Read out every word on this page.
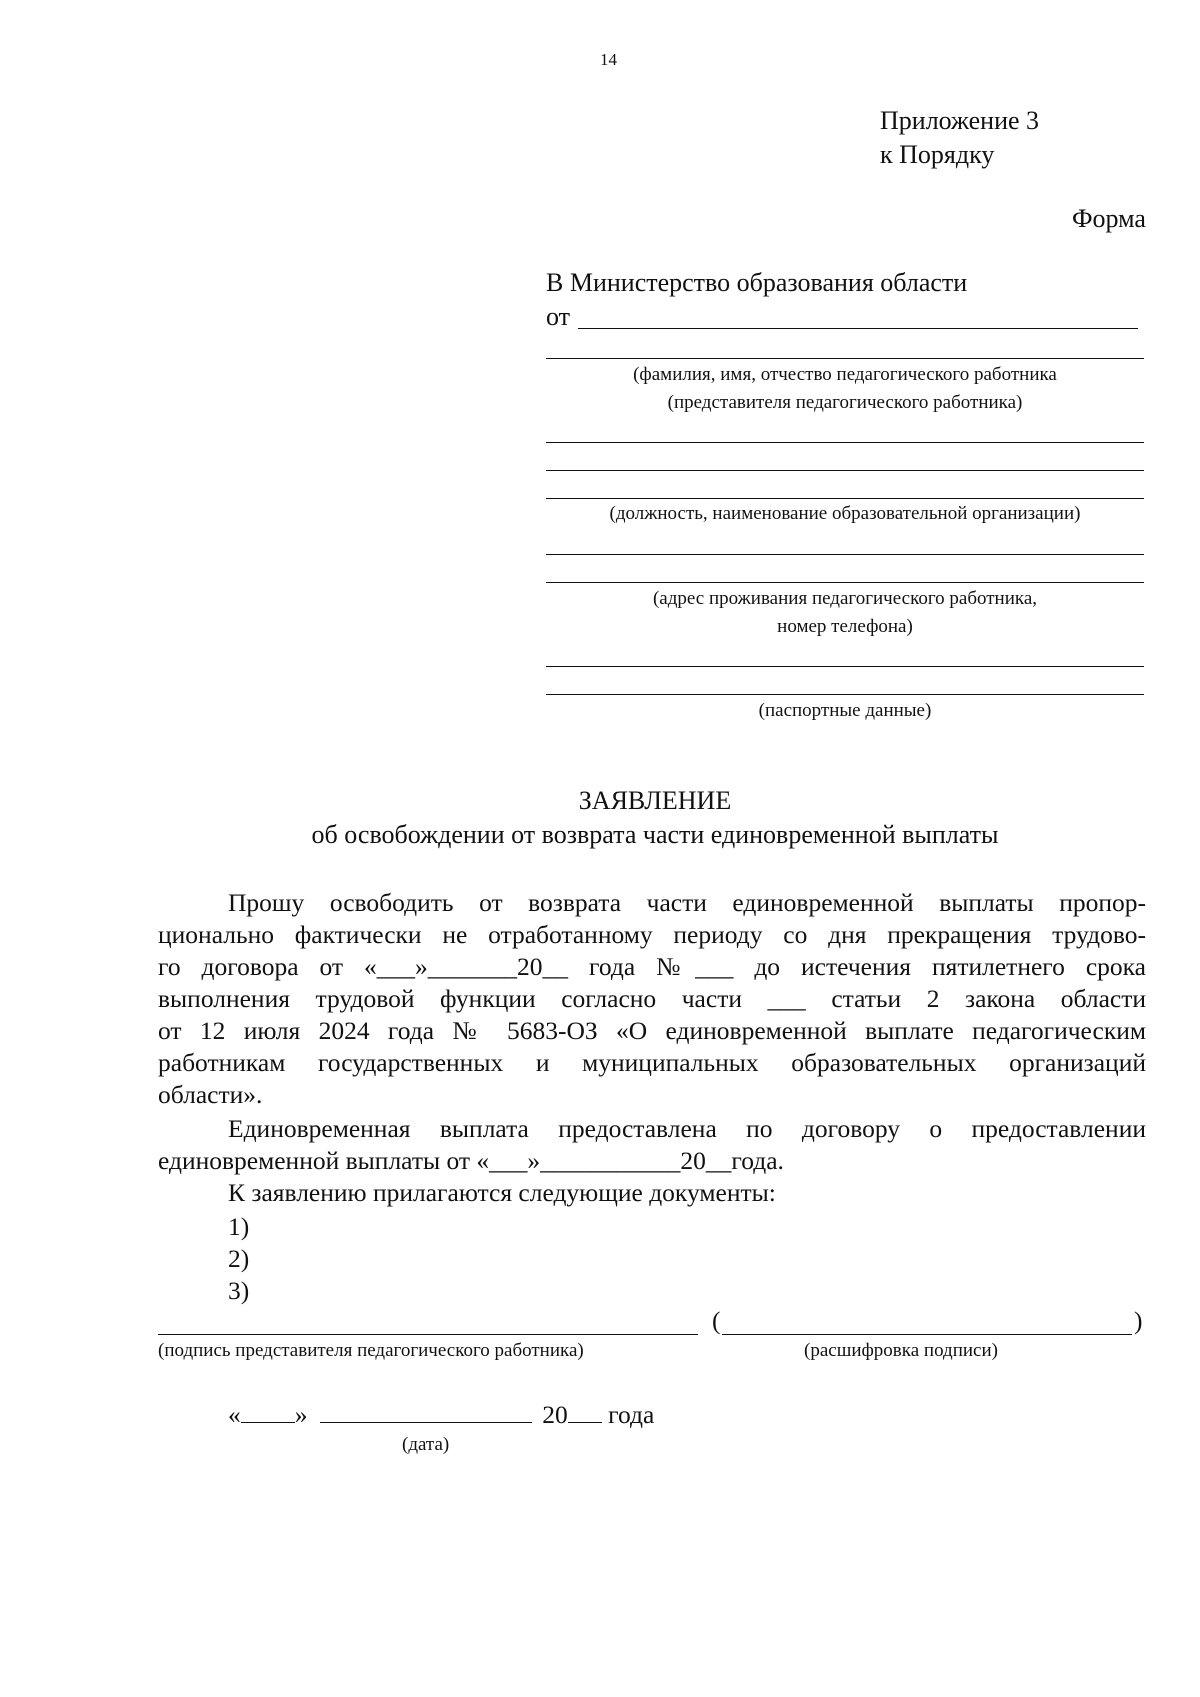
14
Приложение 3
к Порядку
Форма
В Министерство образования области
от
(фамилия, имя, отчество педагогического работника
(представителя педагогического работника)
(должность, наименование образовательной организации)
(адрес проживания педагогического работника,
номер телефона)
(паспортные данные)
ЗАЯВЛЕНИЕ
об освобождении от возврата части единовременной выплаты
Прошу освободить от возврата части единовременной выплаты пропор-
ционально фактически не отработанному периоду со дня прекращения трудово-
го договора от «___»_______20__ года №___ до истечения пятилетнего срока
выполнения трудовой функции согласно части ___ статьи 2 закона области
от 12 июля 2024 года № 5683-ОЗ «О единовременной выплате педагогическим
работникам государственных и муниципальных образовательных организаций
области».
Единовременная выплата предоставлена по договору о предоставлении
единовременной выплаты от «___»___________20__года.
К заявлению прилагаются следующие документы:
1)
2)
3)
(	)
(подпись представителя педагогического работника)	(расшифровка подписи)
« »	20 года
(дата)
